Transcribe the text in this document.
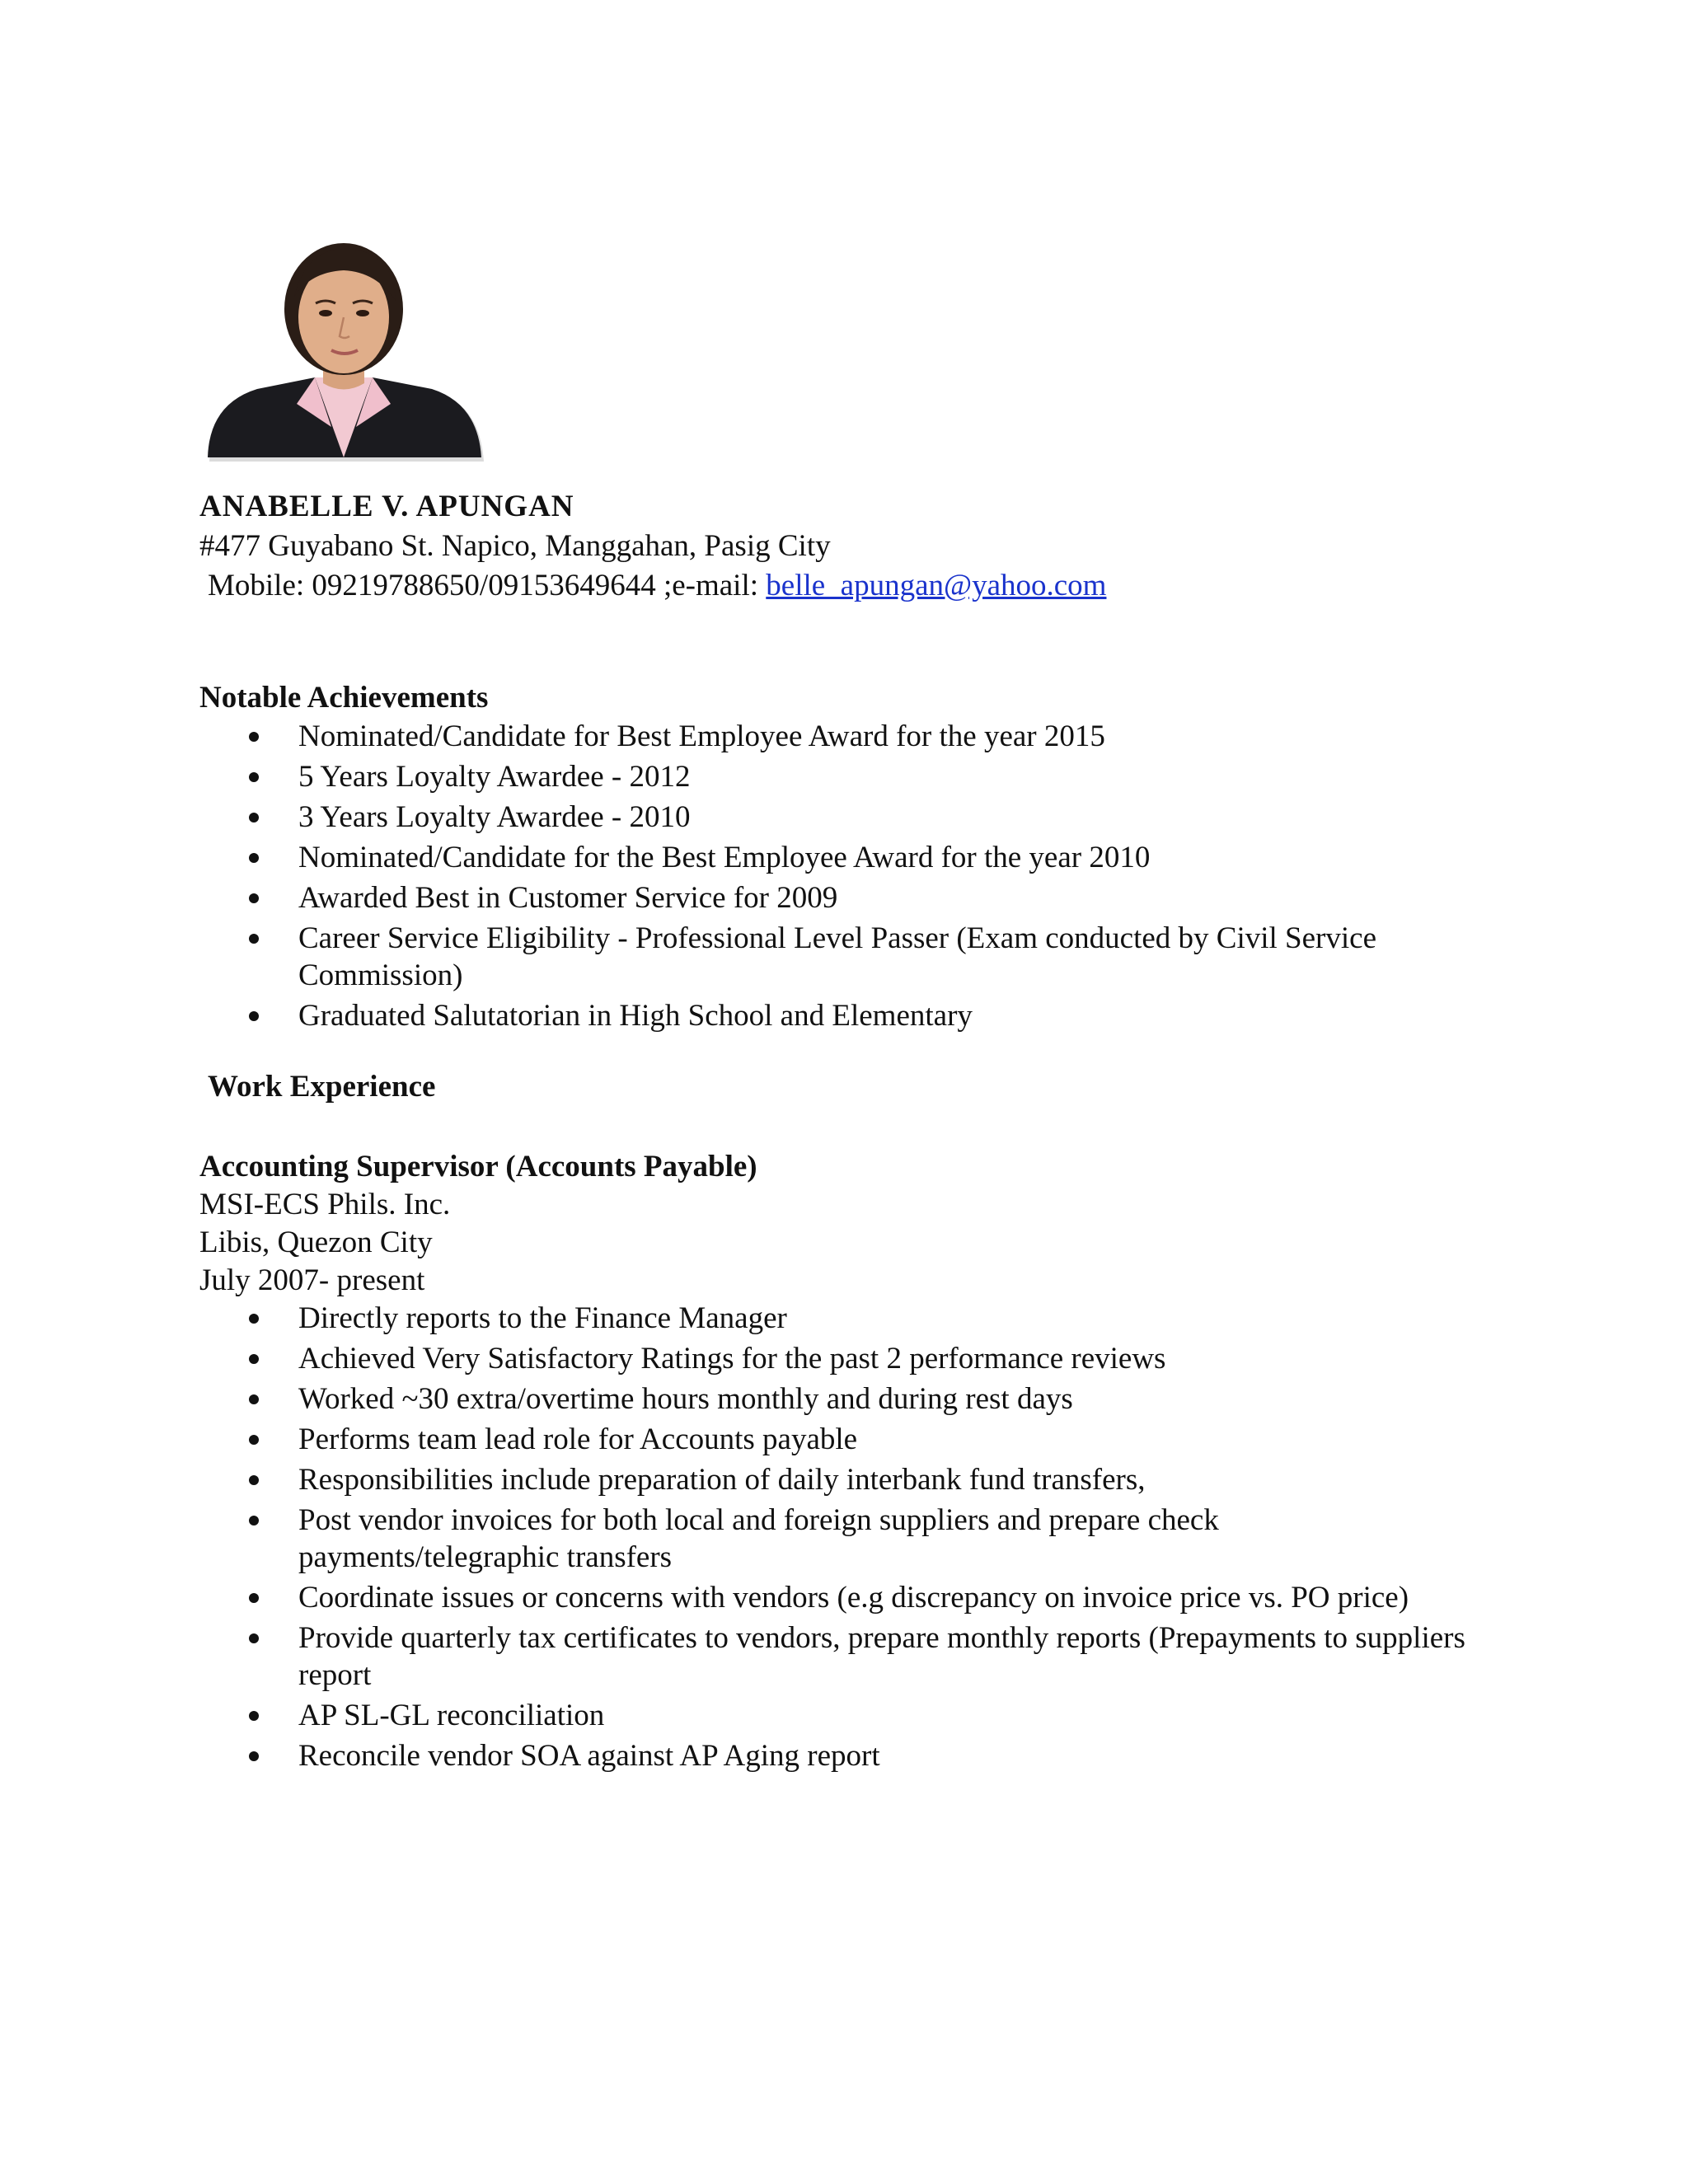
ANABELLE V. APUNGAN
#477 Guyabano St. Napico, Manggahan, Pasig City
Mobile: 09219788650/09153649644 ;e-mail: belle_apungan@yahoo.com
Notable Achievements
Nominated/Candidate for Best Employee Award for the year 2015
5 Years Loyalty Awardee - 2012
3 Years Loyalty Awardee - 2010
Nominated/Candidate for the Best Employee Award for the year 2010
Awarded Best in Customer Service for 2009
Career Service Eligibility - Professional Level Passer (Exam conducted by Civil Service Commission)
Graduated Salutatorian in High School and Elementary
Work Experience
Accounting Supervisor (Accounts Payable)
MSI-ECS Phils. Inc.
Libis, Quezon City
July 2007- present
Directly reports to the Finance Manager
Achieved Very Satisfactory Ratings for the past 2 performance reviews
Worked ~30 extra/overtime hours monthly and during rest days
Performs team lead role for Accounts payable
Responsibilities include preparation of daily interbank fund transfers,
Post vendor invoices for both local and foreign suppliers and prepare check payments/telegraphic transfers
Coordinate issues or concerns with vendors (e.g discrepancy on invoice price vs. PO price)
Provide quarterly tax certificates to vendors, prepare monthly reports (Prepayments to suppliers report
AP SL-GL reconciliation
Reconcile vendor SOA against AP Aging report
